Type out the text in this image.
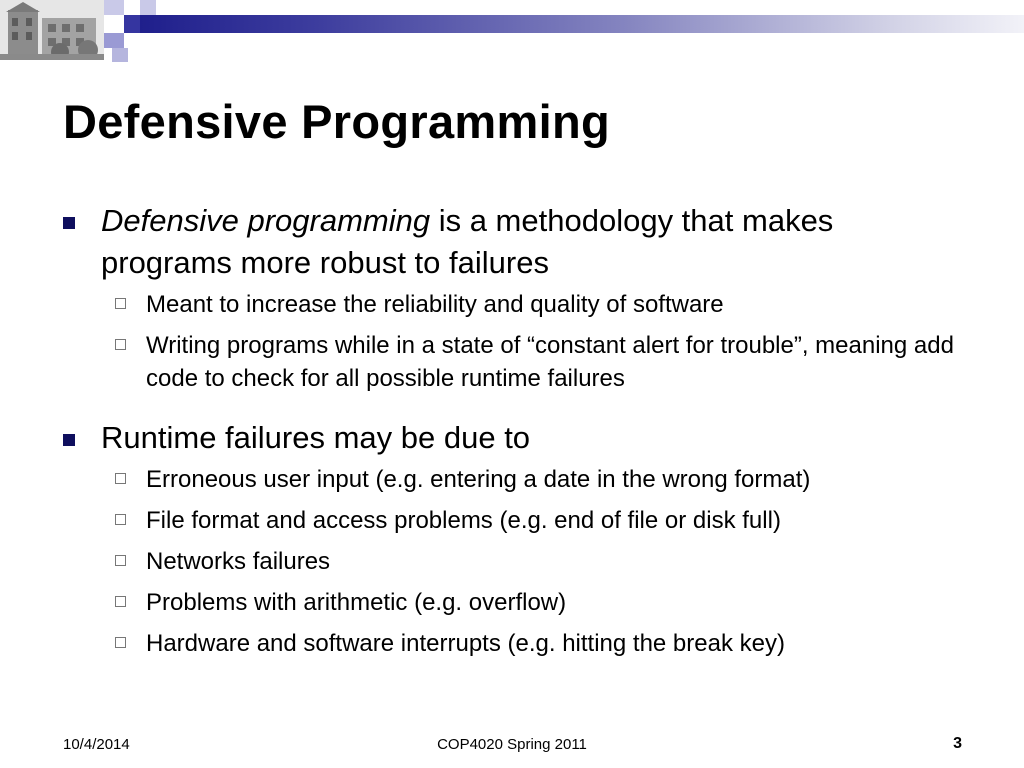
Defensive Programming
Defensive programming is a methodology that makes programs more robust to failures
Meant to increase the reliability and quality of software
Writing programs while in a state of “constant alert for trouble”, meaning add code to check for all possible runtime failures
Runtime failures may be due to
Erroneous user input (e.g. entering a date in the wrong format)
File format and access problems (e.g. end of file or disk full)
Networks failures
Problems with arithmetic (e.g. overflow)
Hardware and software interrupts (e.g. hitting the break key)
10/4/2014	COP4020 Spring 2011	3
